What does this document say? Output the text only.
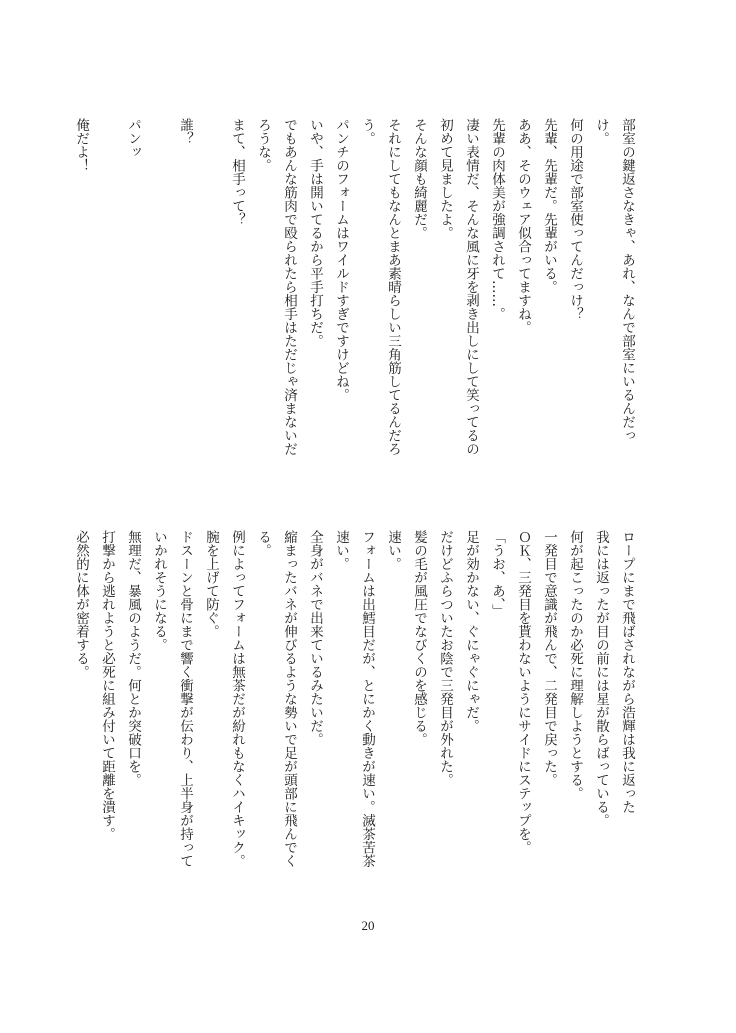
部室の鍵返さなきゃ、あれ、なんで部室にいるんだっ
け。
何の用途で部室使ってんだっけ？
先輩、先輩だ。先輩がいる。
ああ、そのウェア似合ってますね。
先輩の肉体美が強調されて……。
凄い表情だ、そんな風に牙を剥き出しにして笑ってるの
初めて見ましたよ。
そんな顔も綺麗だ。
それにしてもなんとまあ素晴らしい三角筋してるんだろ
う。
パンチのフォームはワイルドすぎですけどね。
いや、手は開いてるから平手打ちだ。
でもあんな筋肉で殴られたら相手はただじゃ済まないだ
ろうな。
まて、相手って？

誰？

パンッ

俺だよ！
ロープにまで飛ばされながら浩輝は我に返った
我には返ったが目の前には星が散らばっている。
何が起こったのか必死に理解しようとする。
一発目で意識が飛んで、二発目で戻った。
ＯＫ、三発目を貰わないようにサイドにステップを。
「うお、あ、」
足が効かない、ぐにゃぐにゃだ。
だけどふらついたお陰で三発目が外れた。
髪の毛が風圧でなびくのを感じる。
速い。
フォームは出鱈目だが、とにかく動きが速い。滅茶苦茶
速い。
全身がバネで出来ているみたいだ。
縮まったバネが伸びるような勢いで足が頭部に飛んでく
る。
例によってフォームは無茶だが紛れもなくハイキック。
腕を上げて防ぐ。
ドスーンと骨にまで響く衝撃が伝わり、上半身が持って
いかれそうになる。
無理だ、暴風のようだ。何とか突破口を。
打撃から逃れようと必死に組み付いて距離を潰す。
必然的に体が密着する。
20
